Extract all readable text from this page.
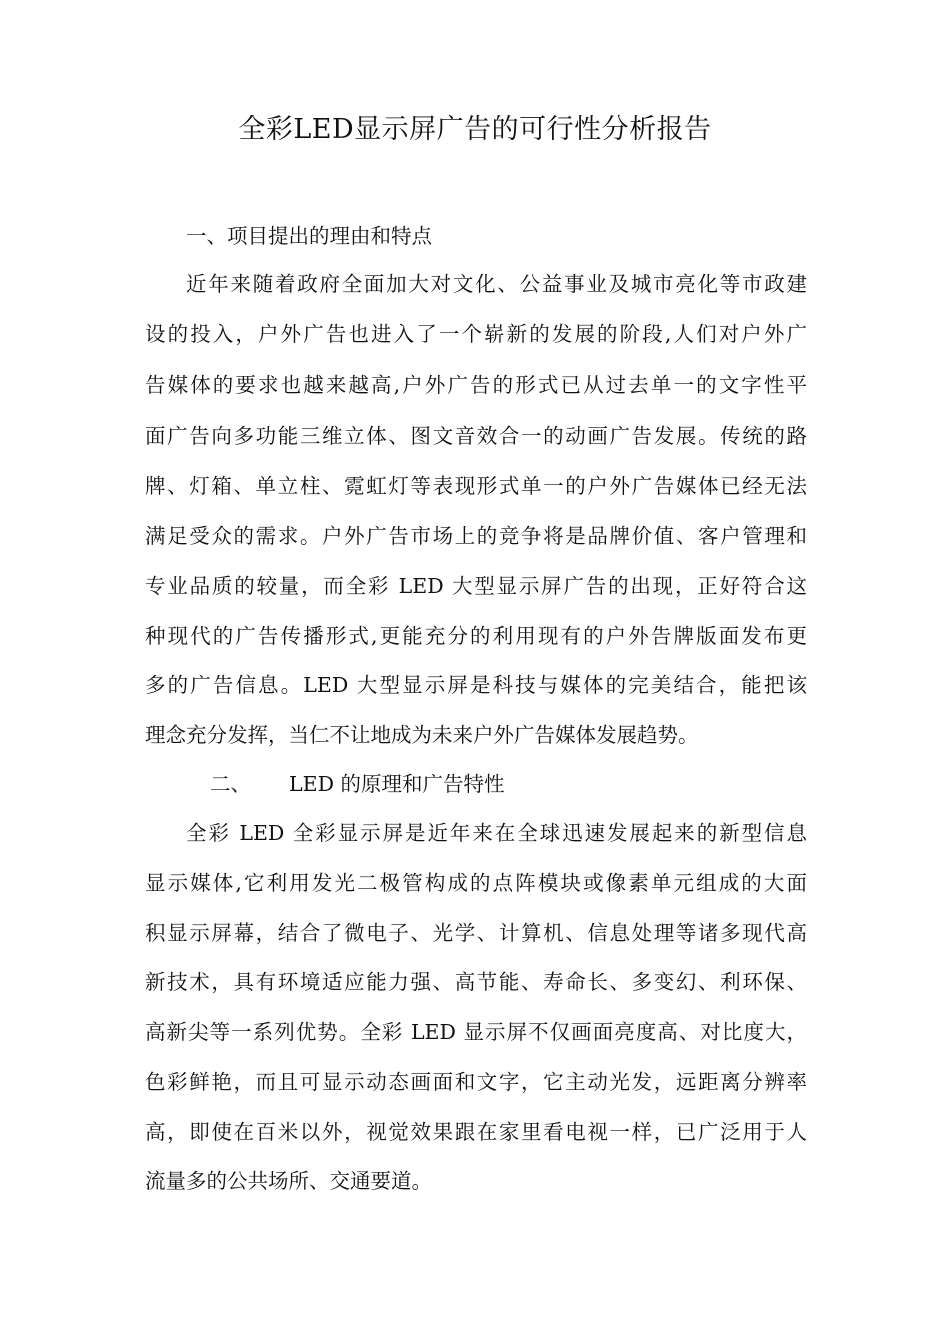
全彩LED显示屏广告的可行性分析报告
一、项目提出的理由和特点
近年来随着政府全面加大对文化、公益事业及城市亮化等市政建
设的投入，户外广告也进入了一个崭新的发展的阶段,人们对户外广
告媒体的要求也越来越高,户外广告的形式已从过去单一的文字性平
面广告向多功能三维立体、图文音效合一的动画广告发展。传统的路
牌、灯箱、单立柱、霓虹灯等表现形式单一的户外广告媒体已经无法
满足受众的需求。户外广告市场上的竞争将是品牌价值、客户管理和
专业品质的较量，而全彩 LED 大型显示屏广告的出现，正好符合这
种现代的广告传播形式,更能充分的利用现有的户外告牌版面发布更
多的广告信息。LED 大型显示屏是科技与媒体的完美结合，能把该
理念充分发挥，当仁不让地成为未来户外广告媒体发展趋势。
二、 LED 的原理和广告特性
全彩 LED 全彩显示屏是近年来在全球迅速发展起来的新型信息
显示媒体,它利用发光二极管构成的点阵模块或像素单元组成的大面
积显示屏幕，结合了微电子、光学、计算机、信息处理等诸多现代高
新技术，具有环境适应能力强、高节能、寿命长、多变幻、利环保、
高新尖等一系列优势。全彩 LED 显示屏不仅画面亮度高、对比度大，
色彩鲜艳，而且可显示动态画面和文字，它主动光发，远距离分辨率
高，即使在百米以外，视觉效果跟在家里看电视一样，已广泛用于人
流量多的公共场所、交通要道。
